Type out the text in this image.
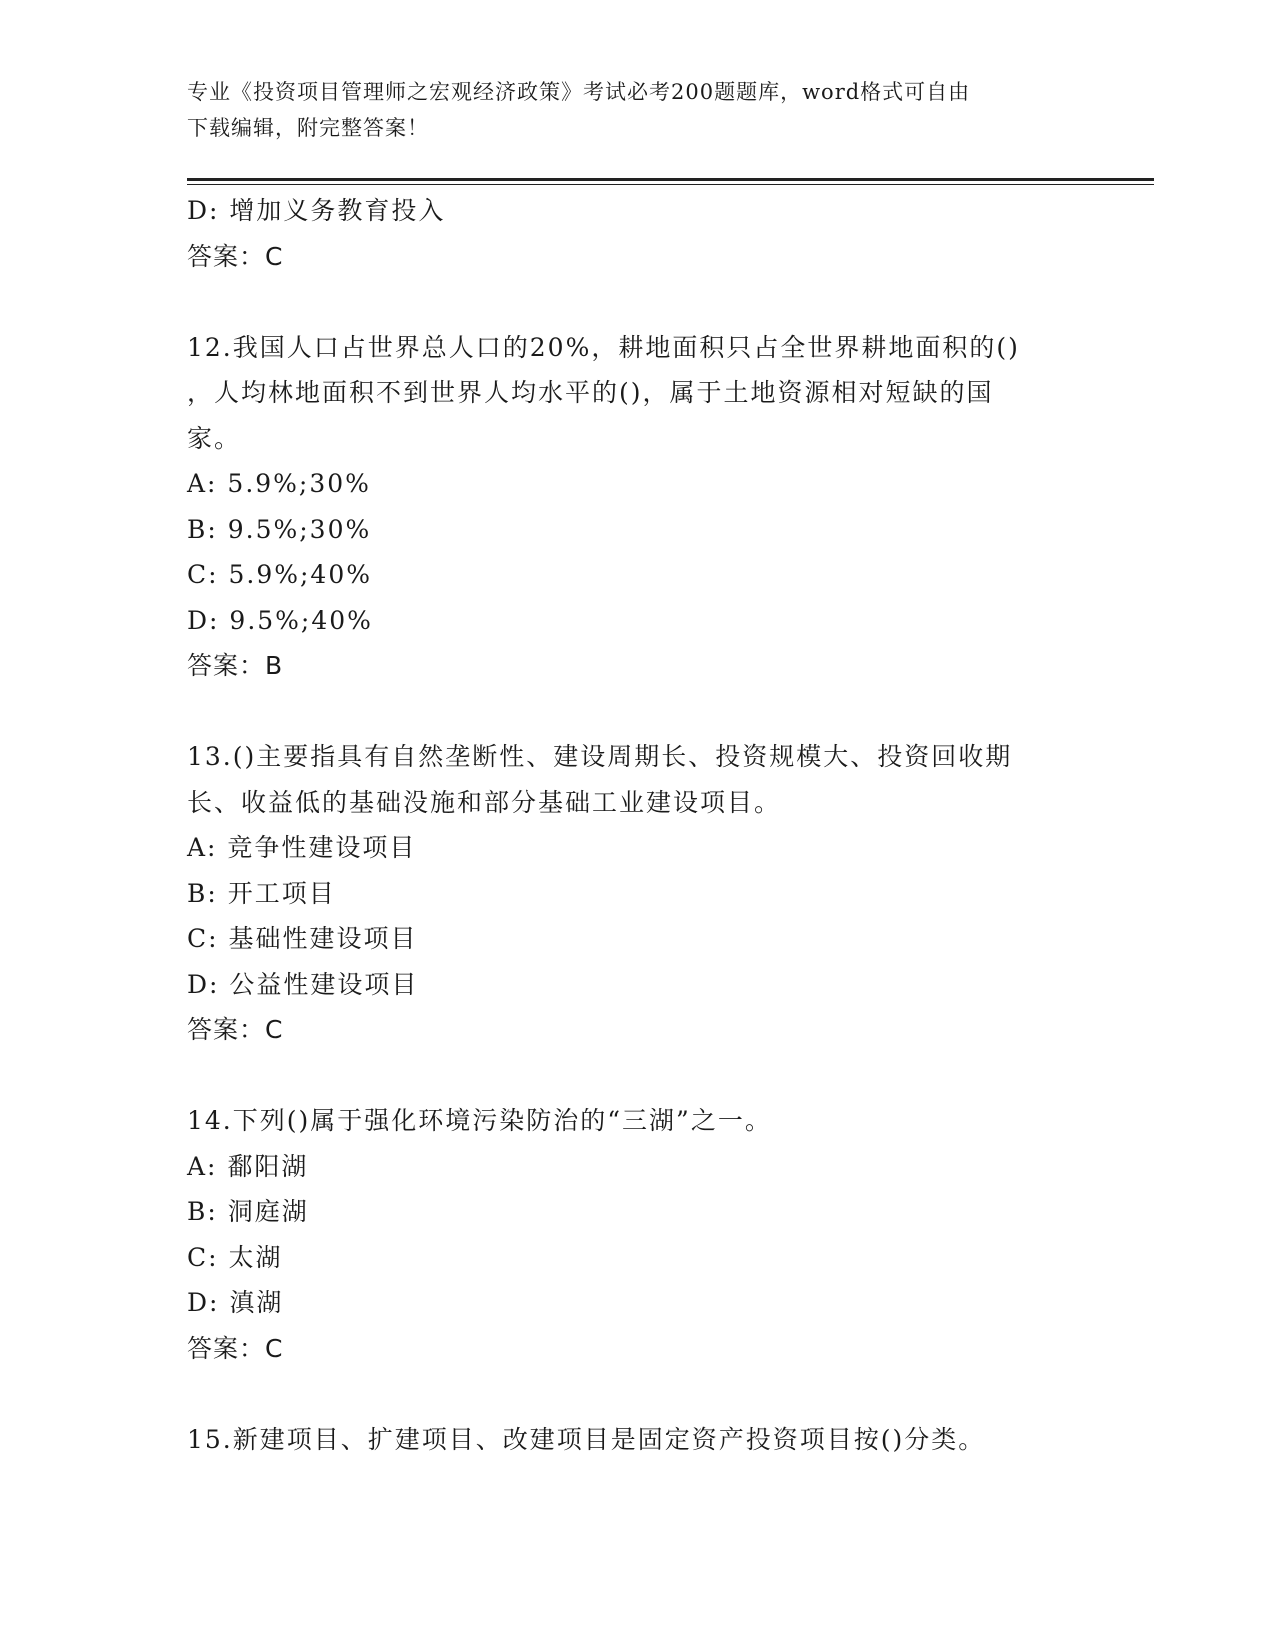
专业《投资项目管理师之宏观经济政策》考试必考200题题库，word格式可自由
下载编辑，附完整答案！
D: 增加义务教育投入
答案：C
12.我国人口占世界总人口的20%，耕地面积只占全世界耕地面积的()
，人均林地面积不到世界人均水平的()，属于土地资源相对短缺的国
家。
A: 5.9%;30%
B: 9.5%;30%
C: 5.9%;40%
D: 9.5%;40%
答案：B
13.()主要指具有自然垄断性、建设周期长、投资规模大、投资回收期
长、收益低的基础没施和部分基础工业建设项目。
A: 竞争性建设项目
B: 开工项目
C: 基础性建设项目
D: 公益性建设项目
答案：C
14.下列()属于强化环境污染防治的“三湖”之一。
A: 鄱阳湖
B: 洞庭湖
C: 太湖
D: 滇湖
答案：C
15.新建项目、扩建项目、改建项目是固定资产投资项目按()分类。
